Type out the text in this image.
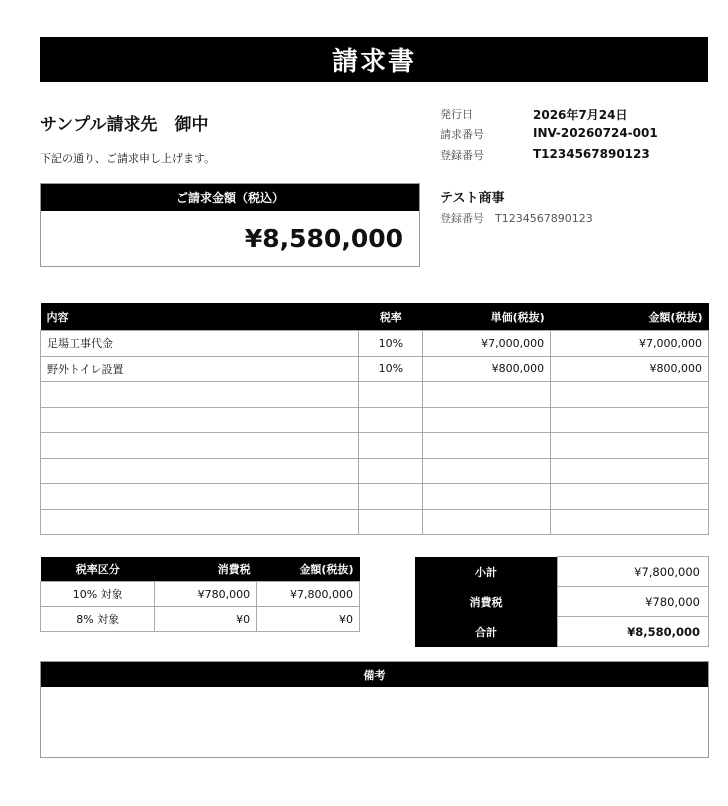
請求書
サンプル請求先　御中
下記の通り、ご請求申し上げます。
発行日	2026年7月24日
請求番号	INV-20260724-001
登録番号	T1234567890123
テスト商事
登録番号　T1234567890123
ご請求金額（税込）
¥8,580,000
内容	税率	単価(税抜)	金額(税抜)
足場工事代金	10%	¥7,000,000	¥7,000,000
野外トイレ設置	10%	¥800,000	¥800,000

税率区分	消費税	金額(税抜)
10% 対象	¥780,000	¥7,800,000
8% 対象	¥0	¥0
小計	¥7,800,000
消費税	¥780,000
合計	¥8,580,000
備考
